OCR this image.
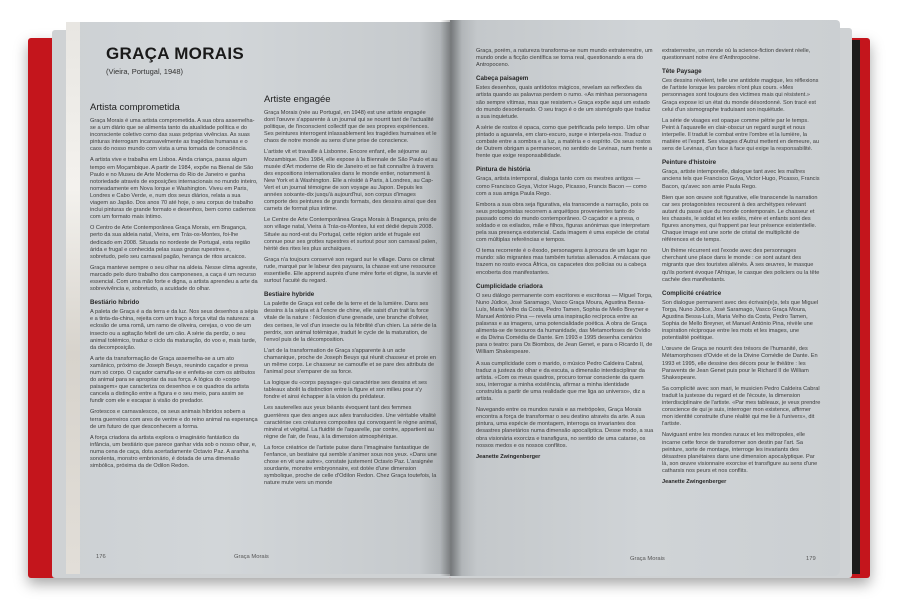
GRAÇA MORAIS
(Vieira, Portugal, 1948)
Artista comprometida

Graça Morais é uma artista comprometida. A sua obra assemelha-se a um diário que se alimenta tanto da atualidade política e do inconsciente coletivo como das suas próprias vivências. As suas pinturas interrogam incansavelmente as tragédias humanas e o caos do nosso mundo com vista a uma tomada de consciência.

A artista vive e trabalha em Lisboa. Ainda criança, passa algum tempo em Moçambique. A partir de 1984, expõe na Bienal de São Paulo e no Museu de Arte Moderna do Rio de Janeiro e ganha notoriedade através de exposições internacionais no mundo inteiro, nomeadamente em Nova Iorque e Washington. Viveu em Paris, Londres e Cabo Verde, e, num dos seus diários, relata a sua viagem ao Japão. Dos anos 70 até hoje, o seu corpus de trabalho inclui pinturas de grande formato e desenhos, bem como cadernos com um formato mais íntimo.

O Centro de Arte Contemporânea Graça Morais, em Bragança, perto da sua aldeia natal, Vieira, em Trás-os-Montes, foi-lhe dedicado em 2008. Situada no nordeste de Portugal, esta região árida e frugal e conhecida pelas suas grutas rupestres e, sobretudo, pelo seu carnaval pagão, herança de ritos arcaicos.

Graça manteve sempre o seu olhar na aldeia. Nesse clima agreste, marcado pelo duro trabalho dos camponeses, a caça é um recurso essencial. Com uma mão forte e digna, a artista aprendeu a arte da sobrevivência e, sobretudo, a acuidade do olhar.

Bestiário híbrido

A paleta de Graça é a da terra e da luz. Nos seus desenhos a sépia e a tinta-da-china, rejeita com um traço a força vital da natureza: a eclosão de uma romã, um ramo de oliveira, cerejas, o voo de um insecto ou a agitação febril de um cão. A série da perdiz, o seu animal totémico, traduz o ciclo da maturação, do voo e, mais tarde, da decomposição.

A arte da transformação de Graça assemelha-se a um ato xamânico, próximo de Joseph Beuys, reunindo caçador e presa num só corpo. O caçador camufla-se e enfeita-se com os atributos do animal para se apropriar da sua força. A lógica do «corpo paisagem» que caracteriza os desenhos e os quadros da artista cancela a distinção entre a figura e o seu meio, para assim se fundir com ele e escapar à visão do predador.

Grotescos e carnavalescos, os seus animais híbridos sobem a terra guerreiros com ares de ventre e do reino animal na esperança de um futuro de que desconhecem a forma.

A força criadora da artista explora o imaginário fantástico da infância, um bestiário que parece ganhar vida sob o nosso olhar, e, numa cena de caça, dota acertadamente Octavio Paz. A aranha sonolenta, monstro embrionário, é dotada de uma dimensão simbólica, próxima da de Odilon Redon.

Artiste engagée

Graça Morais (née au Portugal, en 1948) est une artiste engagée dont l'œuvre s'apparente à un journal qui se nourrit tant de l'actualité politique, de l'inconscient collectif que de ses propres expériences. Ses peintures interrogent inlassablement les tragédies humaines et le chaos de notre monde au sens d'une prise de conscience.

L'artiste vit et travaille à Lisbonne. Encore enfant, elle séjourne au Mozambique. Dès 1984, elle expose à la Biennale de São Paulo et au musée d'Art moderne de Rio de Janeiro et se fait connaître à travers des expositions internationales dans le monde entier, notamment à New York et à Washington. Elle a résidé à Paris, à Londres, au Cap-Vert et un journal témoigne de son voyage au Japon. Depuis les années soixante-dix jusqu'à aujourd'hui, son corpus d'images comporte des peintures de grands formats, des dessins ainsi que des carnets de format plus intime.

Le Centre de Arte Contemporânea Graça Morais à Bragança, près de son village natal, Vieira à Trás-os-Montes, lui est dédié depuis 2008. Située au nord-est du Portugal, cette région aride et frugale est connue pour ses grottes rupestres et surtout pour son carnaval païen, hérité des rites les plus archaïques.

Graça n'a toujours conservé son regard sur le village. Dans ce climat rude, marqué par le labeur des paysans, la chasse est une ressource essentielle. Elle apprend auprès d'une mère forte et digne, la survie et surtout l'acuité du regard.

Bestiaire hybride

La palette de Graça est celle de la terre et de la lumière. Dans ses dessins à la sépia et à l'encre de chine, elle saisit d'un trait la force vitale de la nature : l'éclosion d'une grenade, une branche d'olivier, des cerises, le vol d'un insecte ou la fébrilité d'un chien. La série de la perdrix, son animal totémique, traduit le cycle de la maturation, de l'envol puis de la décomposition.

L'art de la transformation de Graça s'apparente à un acte chamanique, proche de Joseph Beuys qui réunit chasseur et proie en un même corps. Le chasseur se camoufle et se pare des attributs de l'animal pour s'emparer de sa force.

La logique du «corps paysage» qui caractérise ses dessins et ses tableaux abolit la distinction entre la figure et son milieu pour s'y fondre et ainsi échapper à la vision du prédateur.

Les sauterelles aux yeux béants évoquent tant des femmes guerrières que des anges aux ailes translucides. Une véritable vitalité caractérise ces créatures composites qui convoquent le règne animal, minéral et végétal. La fluidité de l'aquarelle, par contre, appartient au règne de l'air, de l'eau, à la dimension atmosphérique.

La force créatrice de l'artiste puise dans l'imaginaire fantastique de l'enfance, un bestiaire qui semble s'animer sous nos yeux. «Dans une chose en vit une autre», constate justement Octavio Paz. L'araignée sourdante, monstre embryonnaire, est dotée d'une dimension symbolique, proche de celle d'Odilon Redon. Chez Graça toutefois, la nature mute vers un monde

176	Graça Morais

Graça, porém, a natureza transforma-se num mundo extraterrestre, um mundo onde a ficção científica se torna real, questionando a era do Antropoceno.

Cabeça paisagem

Estes desenhos, quais antídotos mágicos, revelam as reflexões da artista quando as palavras perdem o rumo. «As minhas personagens são sempre vítimas, mas que resistem.» Graça expõe aqui um estado do mundo desordenado. O seu traço é o de um sismógrafo que traduz a sua inquietude.

A série de rostos é opaca, como que petrificada pelo tempo. Um olhar pintado a aguarela, em claro-escuro, surge e interpela-nos. Traduz o combate entre a sombra e a luz, a matéria e o espírito. Os seus rostos de Outrem obrigam a permanecer, no sentido de Levinas, num frente a frente que exige responsabilidade.

Pintura de história

Graça, artista intemporal, dialoga tanto com os mestres antigos — como Francisco Goya, Victor Hugo, Picasso, Francis Bacon — como com a sua amiga Paula Rego.

Embora a sua obra seja figurativa, ela transcende a narração, pois os seus protagonistas recorrem a arquétipos provenientes tanto do passado como do mundo contemporâneo. O caçador e a presa, o soldado e os exilados, mãe e filhos, figuras anónimas que interpretam pela sua presença existencial. Cada imagem é uma espécie de cristal com múltiplas referências e tempos.

O tema recorrente é o êxodo, personagens à procura de um lugar no mundo: são migrantes mas também turistas alienados. A máscara que trazem no rosto evoca África, os capacetes dos polícias ou a cabeça encoberta dos manifestantes.

Cumplicidade criadora

O seu diálogo permanente com escritores e escritoras — Miguel Torga, Nuno Júdice, José Saramago, Vasco Graça Moura, Agustina Bessa-Luís, Maria Velho da Costa, Pedro Tamen, Sophia de Mello Breyner e Manuel António Pina — revela uma inspiração recíproca entre as palavras e as imagens, uma potencialidade poética. A obra de Graça alimenta-se de tesouros da humanidade, das Metamorfoses de Ovídio e da Divina Comédia de Dante. Em 1993 e 1995 desenha cenários para o teatro: para Os Biombos, de Jean Genet, e para o Ricardo II, de William Shakespeare.

A sua cumplicidade com o marido, o músico Pedro Caldeira Cabral, traduz a justeza do olhar e da escuta, a dimensão interdisciplinar da artista. «Com os meus quadros, procuro tornar consciente da quem sou, interrogar a minha existência, afirmar a minha identidade construída a partir de uma realidade que me liga ao universo», diz a artista.

Navegando entre os mundos rurais e as metrópoles, Graça Morais encontra a força de transformar o seu destino através da arte. A sua pintura, uma espécie de montagem, interroga os invariantes dos desastres planetários numa dimensão apocalíptica. Desse modo, a sua obra visionária exorciza e transfigura, no sentido de uma catarse, os nossos medos e os nossos conflitos.

Jeanette Zwingenberger

extraterrestre, un monde où la science-fiction devient réelle, questionnant notre ère d'Anthropocène.

Tête Paysage

Ces dessins révèlent, telle une antidote magique, les réflexions de l'artiste lorsque les paroles n'ont plus cours. «Mes personnages sont toujours des victimes mais qui résistent.» Graça expose ici un état du monde désordonné. Son tracé est celui d'un sismographe traduisant son inquiétude.

La série de visages est opaque comme pétrie par le temps. Peint à l'aquarelle en clair-obscur un regard surgit et nous interpelle. Il traduit le combat entre l'ombre et la lumière, la matière et l'esprit. Ses visages d'Autrui mettent en demeure, au sens de Levinas, d'un face à face qui exige la responsabilité.

Peinture d'histoire

Graça, artiste intemporelle, dialogue tant avec les maîtres anciens tels que Francisco Goya, Victor Hugo, Picasso, Francis Bacon, qu'avec son amie Paula Rego.

Bien que son œuvre soit figurative, elle transcende la narration car ses protagonistes recourent à des archétypes relevant autant du passé que du monde contemporain. Le chasseur et les chassés, le soldat et les exilés, mère et enfants sont des figures anonymes, qui frappent par leur présence existentielle. Chaque image est une sorte de cristal de multiplicité de références et de temps.

Un thème récurrent est l'exode avec des personnages cherchant une place dans le monde : ce sont autant des migrants que des touristes aliénés. À ses œuvres, le masque qu'ils portent évoque l'Afrique, le casque des policiers ou la tête cachée des manifestants.

Complicité créatrice

Son dialogue permanent avec des écrivain(e)s, tels que Miguel Torga, Nuno Júdice, José Saramago, Vasco Graça Moura, Agustina Bessa-Luís, Maria Velho da Costa, Pedro Tamen, Sophia de Mello Breyner, et Manuel António Pina, révèle une inspiration réciproque entre les mots et les images, une potentialité poétique.

L'œuvre de Graça se nourrit des trésors de l'humanité, des Métamorphoses d'Ovide et de la Divine Comédie de Dante. En 1993 et 1995, elle dessine des décors pour le théâtre : les Paravents de Jean Genet puis pour le Richard II de William Shakespeare.

Sa complicité avec son mari, le musicien Pedro Caldeira Cabral traduit la justesse du regard et de l'écoute, la dimension interdisciplinaire de l'artiste. «Par mes tableaux, je veux prendre conscience de qui je suis, interroger mon existence, affirmer mon identité construite d'une réalité qui me lie à l'univers», dit l'artiste.

Naviguant entre les mondes ruraux et les métropoles, elle incarne cette force de transformer son destin par l'art. Sa peinture, sorte de montage, interroge les invariants des désastres planétaires dans une dimension apocalyptique. Par là, son œuvre visionnaire exorcise et transfigure au sens d'une catharsis nos peurs et nos conflits.

Jeanette Zwingenberger
Graça Morais	179
